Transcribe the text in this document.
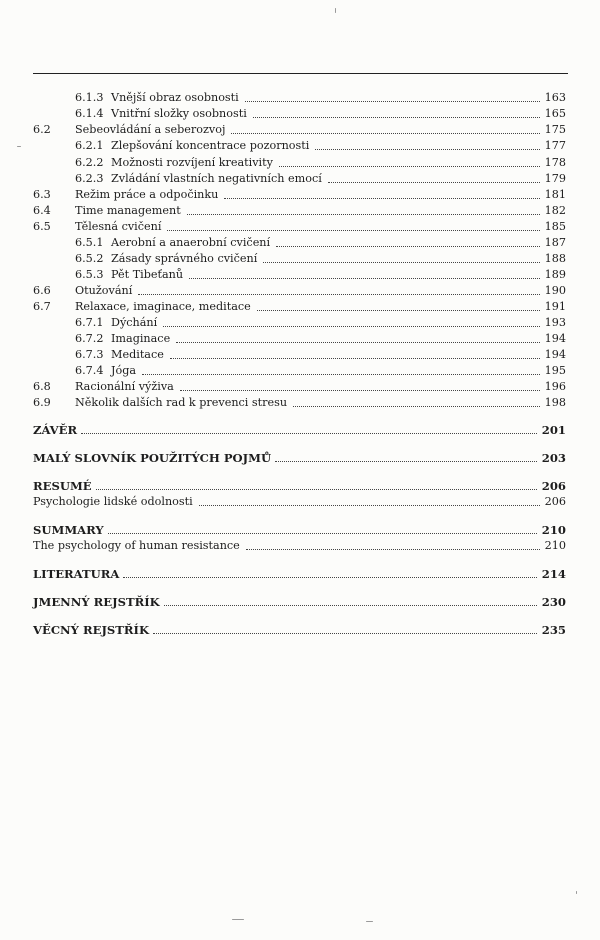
6.1.3 Vnější obraz osobnosti	163
6.1.4 Vnitřní složky osobnosti	165
6.2	Sebeovládání a seberozvoj	175
6.2.1 Zlepšování koncentrace pozornosti	177
6.2.2 Možnosti rozvíjení kreativity	178
6.2.3 Zvládání vlastních negativních emocí	179
6.3	Režim práce a odpočinku	181
6.4	Time management	182
6.5	Tělesná cvičení	185
6.5.1 Aerobní a anaerobní cvičení	187
6.5.2 Zásady správného cvičení	188
6.5.3 Pět Tibeťanů	189
6.6	Otužování	190
6.7	Relaxace, imaginace, meditace	191
6.7.1 Dýchání	193
6.7.2 Imaginace	194
6.7.3 Meditace	194
6.7.4 Jóga	195
6.8	Racionální výživa	196
6.9	Několik dalších rad k prevenci stresu	198
ZÁVĚR	201
MALÝ SLOVNÍK POUŽITÝCH POJMŮ	203
RESUMÉ	206
Psychologie lidské odolnosti	206
SUMMARY	210
The psychology of human resistance	210
LITERATURA	214
JMENNÝ REJSTŘÍK	230
VĚCNÝ REJSTŘÍK	235
